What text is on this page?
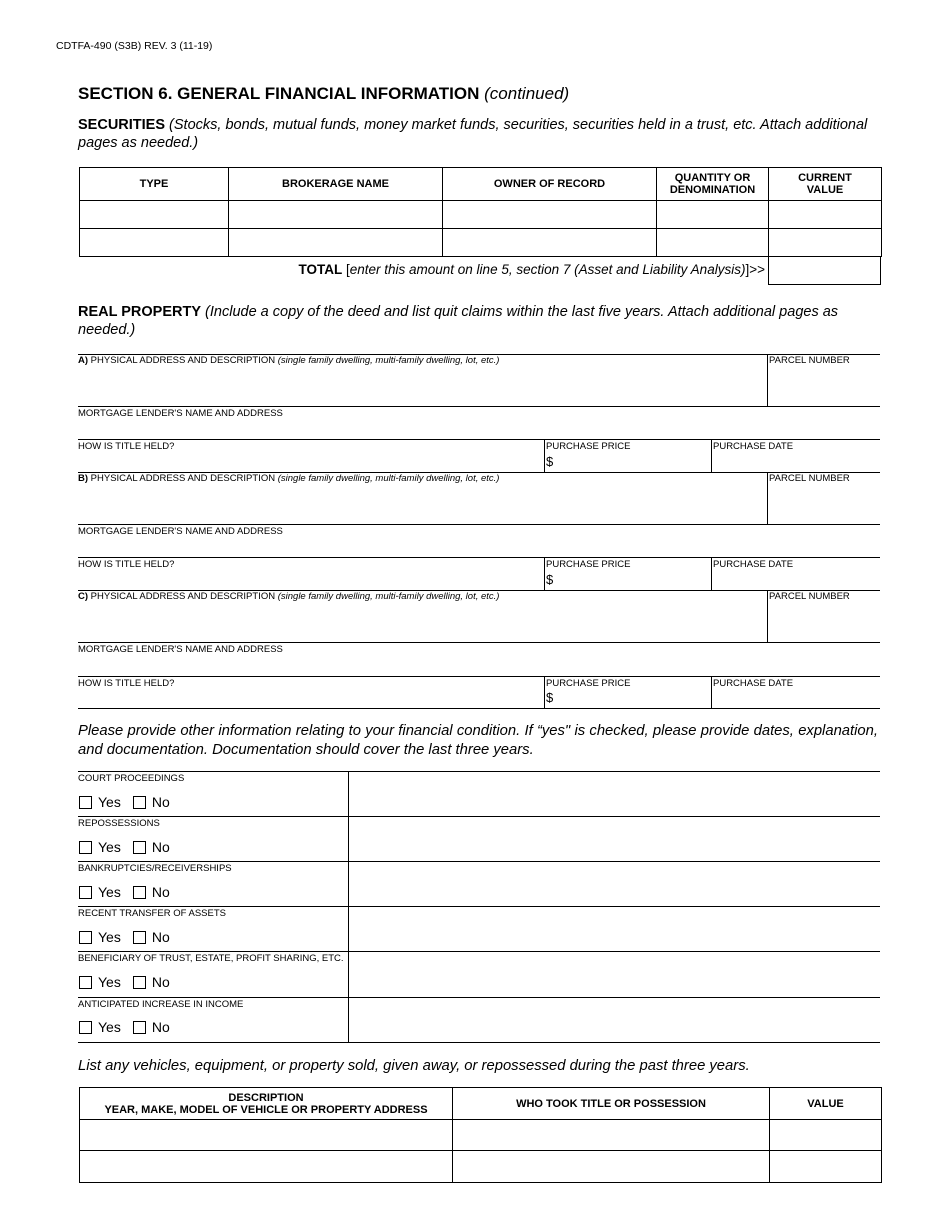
CDTFA-490 (S3B) REV. 3 (11-19)
SECTION 6. GENERAL FINANCIAL INFORMATION (continued)
SECURITIES (Stocks, bonds, mutual funds, money market funds, securities, securities held in a trust, etc. Attach additional pages as needed.)
TYPE	BROKERAGE NAME	OWNER OF RECORD	QUANTITY OR DENOMINATION	CURRENT VALUE

TOTAL [enter this amount on line 5, section 7 (Asset and Liability Analysis)]>>
REAL PROPERTY (Include a copy of the deed and list quit claims within the last five years. Attach additional pages as needed.)
A) PHYSICAL ADDRESS AND DESCRIPTION (single family dwelling, multi-family dwelling, lot, etc.)	PARCEL NUMBER
MORTGAGE LENDER'S NAME AND ADDRESS
HOW IS TITLE HELD?	PURCHASE PRICE
$
PURCHASE DATE
B) PHYSICAL ADDRESS AND DESCRIPTION (single family dwelling, multi-family dwelling, lot, etc.)	PARCEL NUMBER
MORTGAGE LENDER'S NAME AND ADDRESS
HOW IS TITLE HELD?	PURCHASE PRICE
$
PURCHASE DATE
C) PHYSICAL ADDRESS AND DESCRIPTION (single family dwelling, multi-family dwelling, lot, etc.)	PARCEL NUMBER
MORTGAGE LENDER'S NAME AND ADDRESS
HOW IS TITLE HELD?	PURCHASE PRICE
$
PURCHASE DATE
Please provide other information relating to your financial condition. If “yes" is checked, please provide dates, explanation, and documentation. Documentation should cover the last three years.
COURT PROCEEDINGS
Yes No
REPOSSESSIONS
Yes No
BANKRUPTCIES/RECEIVERSHIPS
Yes No
RECENT TRANSFER OF ASSETS
Yes No
BENEFICIARY OF TRUST, ESTATE, PROFIT SHARING, ETC.
Yes No
ANTICIPATED INCREASE IN INCOME
Yes No
List any vehicles, equipment, or property sold, given away, or repossessed during the past three years.
DESCRIPTION
YEAR, MAKE, MODEL OF VEHICLE OR PROPERTY ADDRESS	WHO TOOK TITLE OR POSSESSION	VALUE
